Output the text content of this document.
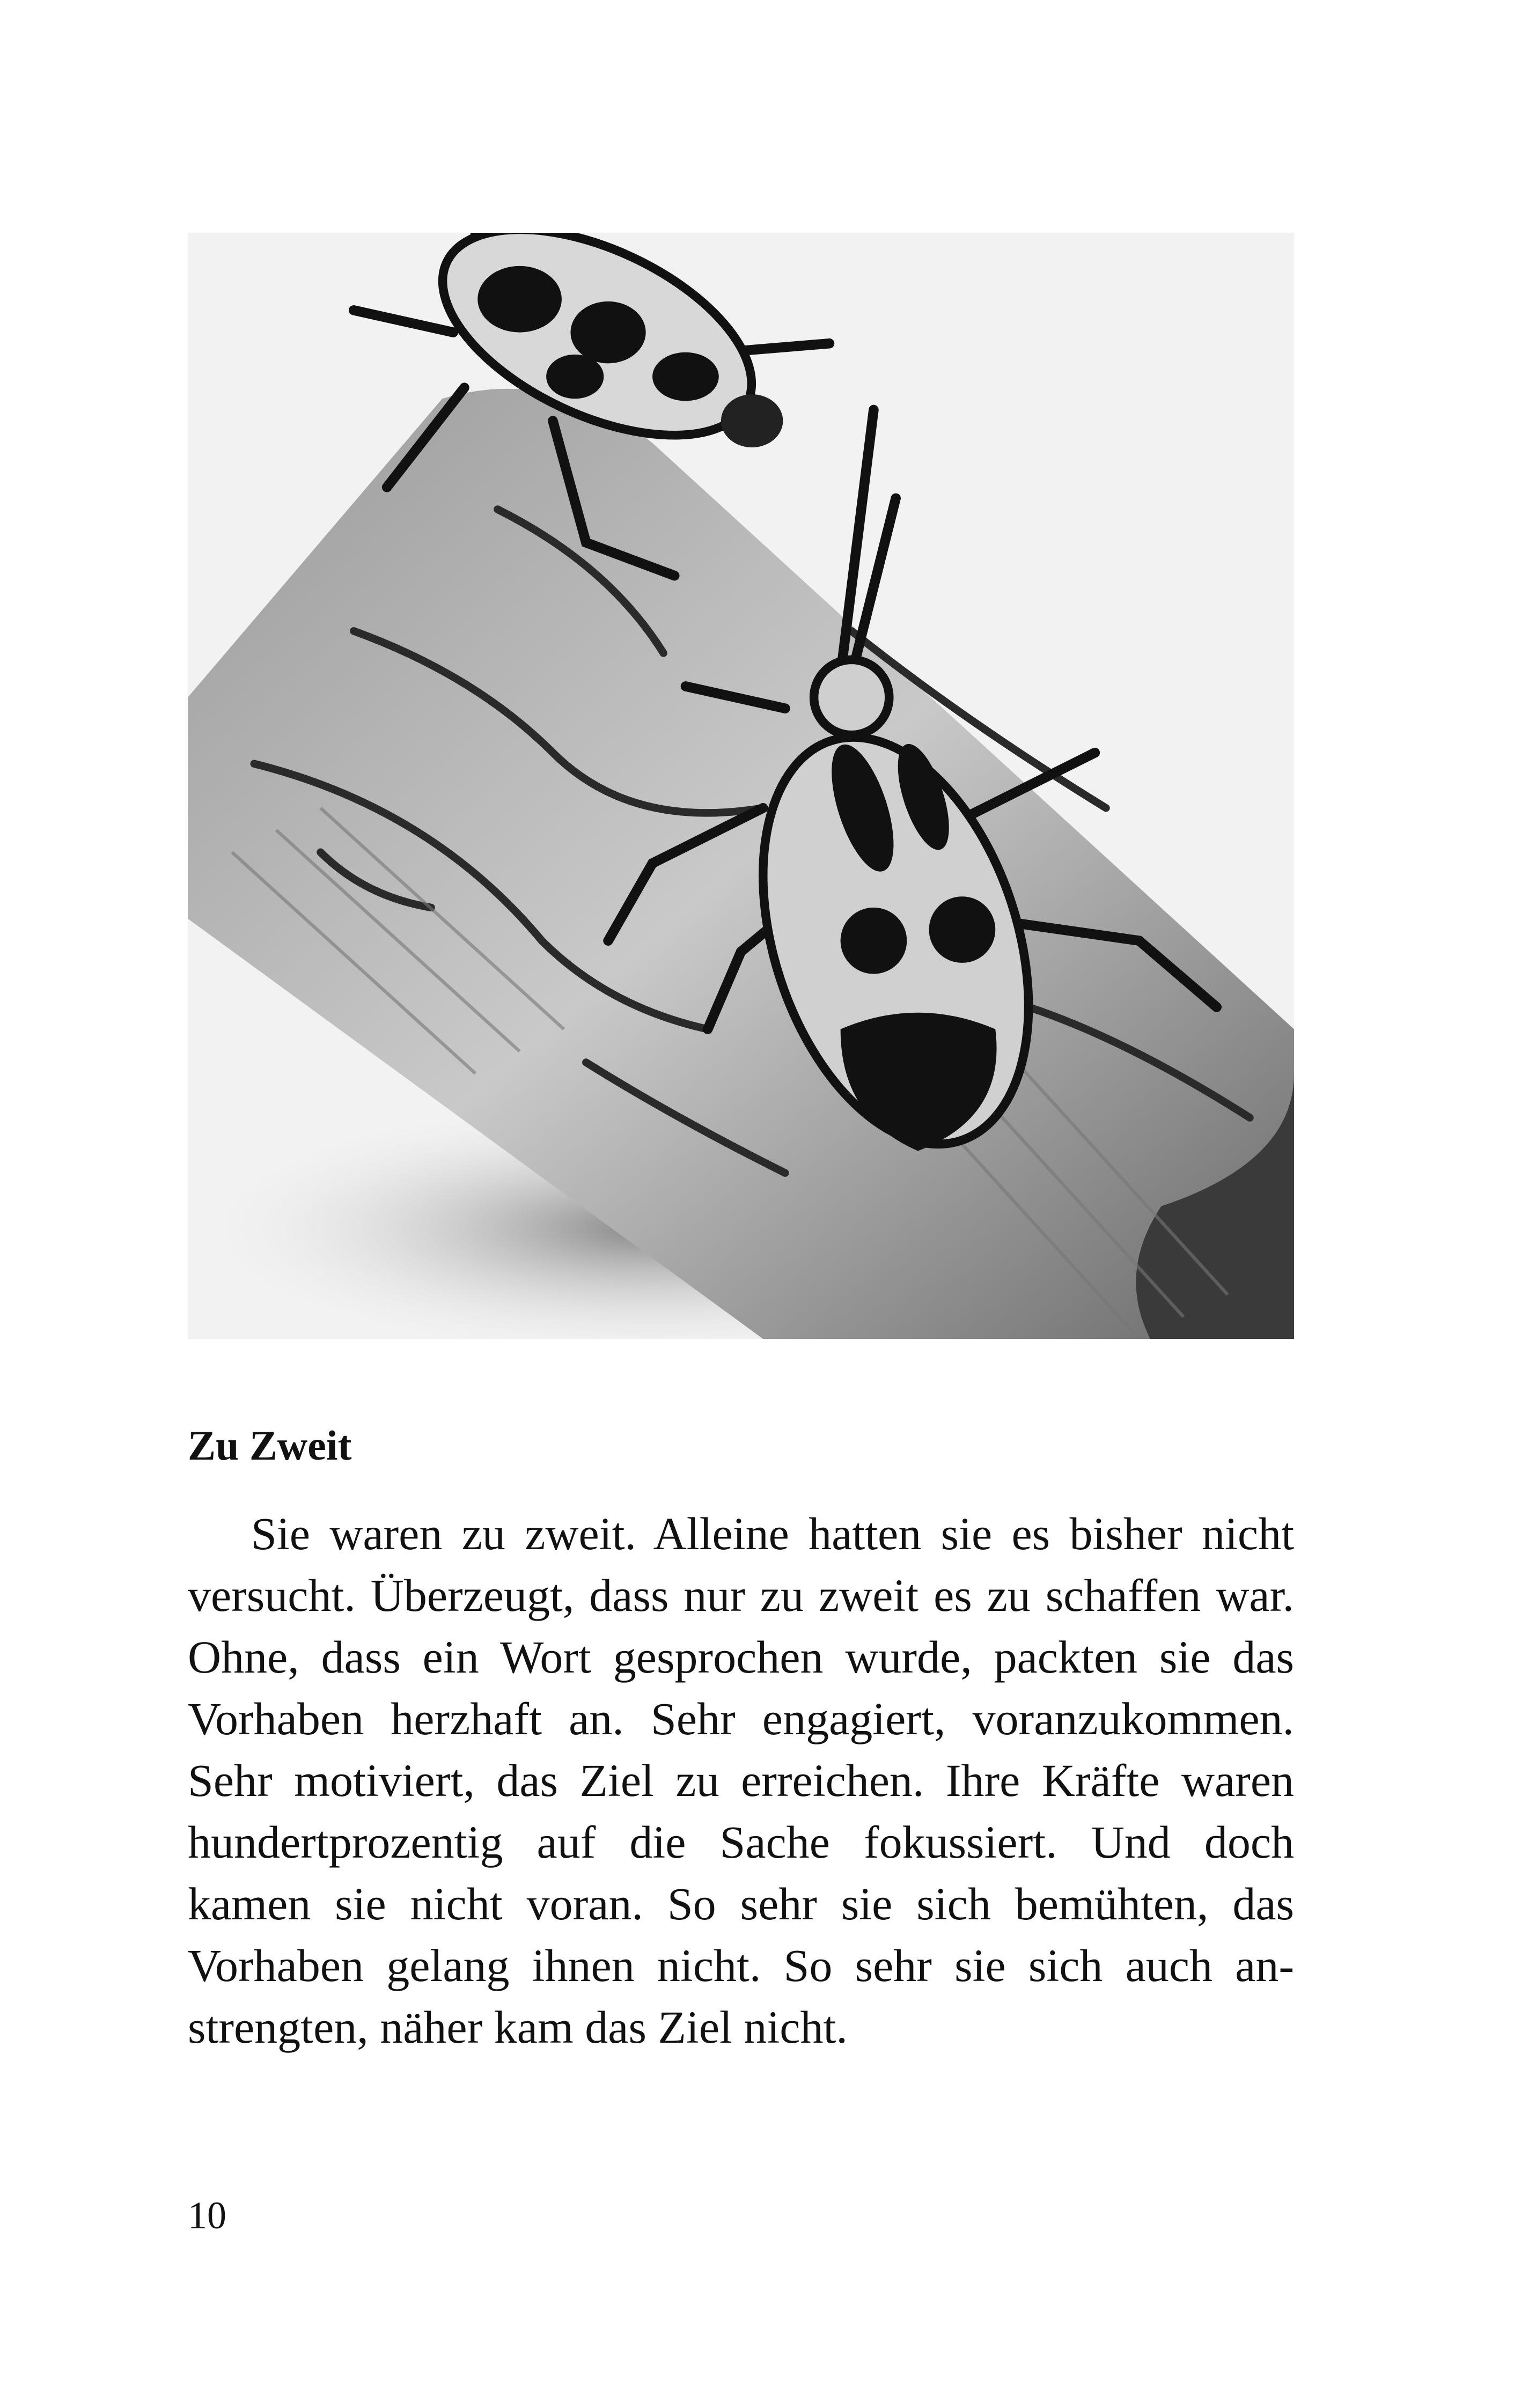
Zu Zweit

Sie waren zu zweit. Alleine hatten sie es bisher nicht versucht. Überzeugt, dass nur zu zweit es zu schaffen war. Ohne, dass ein Wort gesprochen wurde, packten sie das Vorhaben herzhaft an. Sehr engagiert, voranzukommen. Sehr motiviert, das Ziel zu erreichen. Ihre Kräfte waren hundertprozentig auf die Sache fokussiert. Und doch kamen sie nicht voran. So sehr sie sich bemühten, das Vorhaben gelang ihnen nicht. So sehr sie sich auch anstrengten, näher kam das Ziel nicht.

10
